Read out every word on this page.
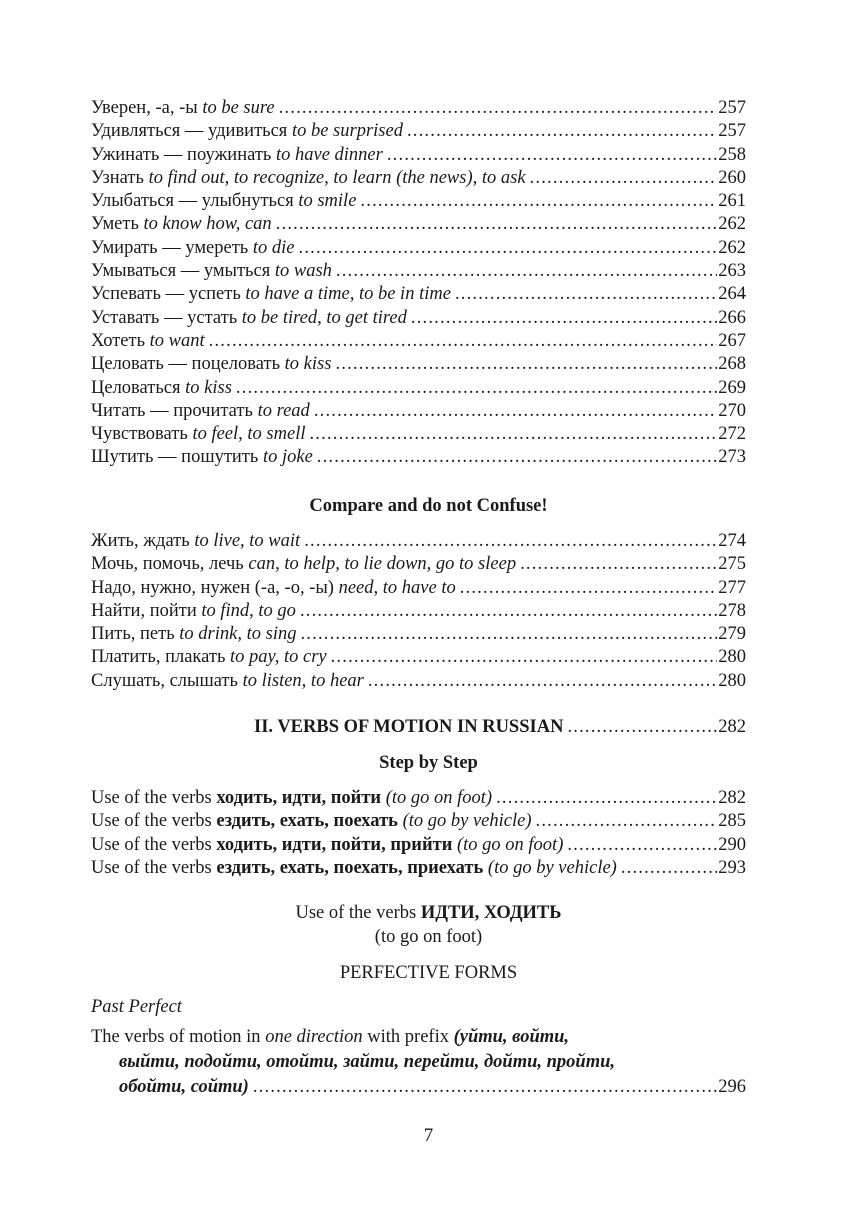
Уверен, -а, -ы to be sure .....	257
Удивляться — удивиться to be surprised .....	257
Ужинать — поужинать to have dinner .....	258
Узнать to find out, to recognize, to learn (the news), to ask .....	260
Улыбаться — улыбнуться to smile .....	261
Уметь to know how, can .....	262
Умирать — умереть to die .....	262
Умываться — умыться to wash .....	263
Успевать — успеть to have a time, to be in time .....	264
Уставать — устать to be tired, to get tired .....	266
Хотеть to want .....	267
Целовать — поцеловать to kiss .....	268
Целоваться to kiss .....	269
Читать — прочитать to read .....	270
Чувствовать to feel, to smell .....	272
Шутить — пошутить to joke .....	273
Compare and do not Confuse!
Жить, ждать to live, to wait .....	274
Мочь, помочь, лечь can, to help, to lie down, go to sleep .....	275
Надо, нужно, нужен (-а, -о, -ы) need, to have to .....	277
Найти, пойти to find, to go .....	278
Пить, петь to drink, to sing .....	279
Платить, плакать to pay, to cry .....	280
Слушать, слышать to listen, to hear .....	280
II. VERBS OF MOTION IN RUSSIAN .....	282
Step by Step
Use of the verbs ходить, идти, пойти (to go on foot) .....	282
Use of the verbs ездить, ехать, поехать (to go by vehicle) .....	285
Use of the verbs ходить, идти, пойти, прийти (to go on foot) .....	290
Use of the verbs ездить, ехать, поехать, приехать (to go by vehicle) .....	293
Use of the verbs ИДТИ, ХОДИТЬ
(to go on foot)
PERFECTIVE FORMS
Past Perfect
The verbs of motion in one direction with prefix (уйти, войти,
выйти, подойти, отойти, зайти, перейти, дойти, пройти,
обойти, сойти) .....	296
7
